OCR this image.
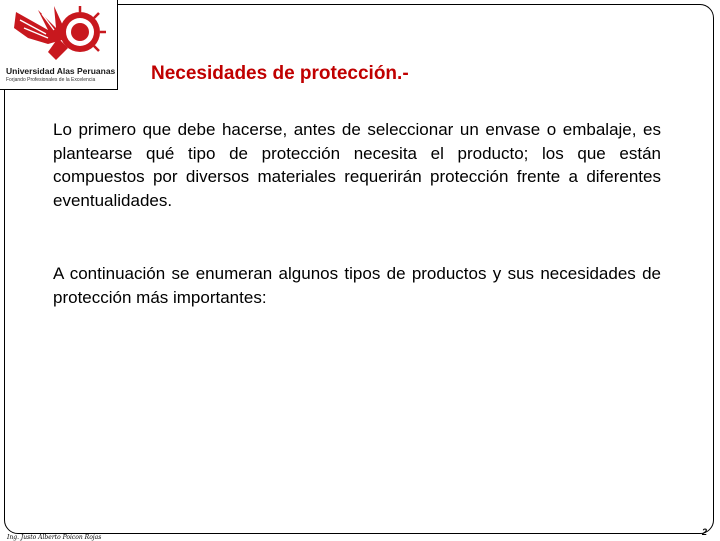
Universidad Alas Peruanas
Forjando Profesionales de la Excelencia	Necesidades de protección.-

Lo primero que debe hacerse, antes de seleccionar un envase o embalaje, es plantearse qué tipo de protección necesita el producto; los que están compuestos por diversos materiales requerirán protección frente a diferentes eventualidades.

A continuación se enumeran algunos tipos de productos y sus necesidades de protección más importantes:

Ing. Justo Alberto Poicon Rojas
2
